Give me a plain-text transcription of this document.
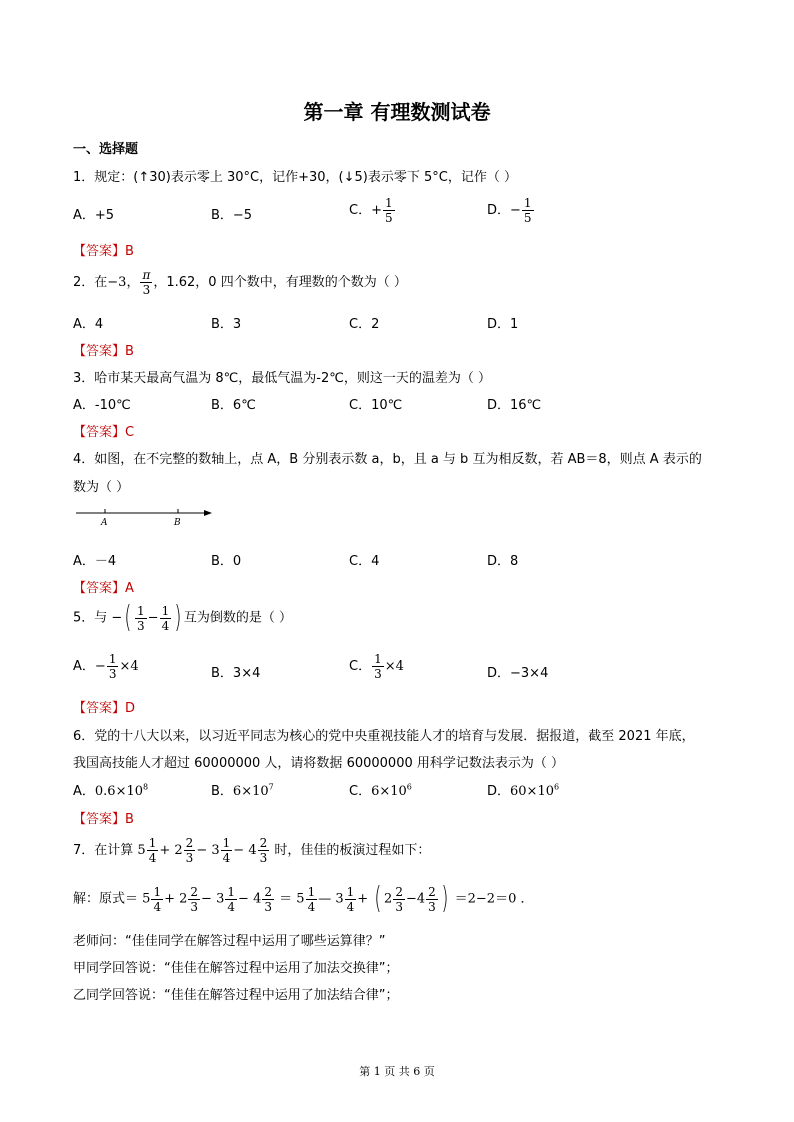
第一章 有理数测试卷
一、选择题
1．规定：(↑30)表示零上 30°C，记作+30，(↓5)表示零下 5°C，记作（ ）
A．+5	B．−5	C．+ $\frac{1}{5}$	D．− $\frac{1}{5}$
【答案】B
2．在−3， $\frac{\pi}{3}$ ，1.62，0 四个数中，有理数的个数为（ ）
A．4	B．3	C．2	D．1
【答案】B
3．哈市某天最高气温为 8℃，最低气温为-2℃，则这一天的温差为（ ）
A．-10℃	B．6℃	C．10℃	D．16℃
【答案】C
4．如图，在不完整的数轴上，点 A，B 分别表示数 a，b，且 a 与 b 互为相反数，若 AB＝8，则点 A 表示的
数为（ ）
A	B
A．－4	B．0	C．4	D．8
【答案】A
5．与 −( $\frac{1}{3} - \frac{1}{4}$ ) 互为倒数的是（ ）
A．− $\frac{1}{3} \times 4$	B．3×4	C． $\frac{1}{3} \times 4$	D．−3×4
【答案】D
6．党的十八大以来，以习近平同志为核心的党中央重视技能人才的培育与发展．据报道，截至 2021 年底，
我国高技能人才超过 60000000 人，请将数据 60000000 用科学记数法表示为（ ）
A．$0.6\times 10^8$	B．$6\times 10^7$	C．$6\times 10^6$	D．$60\times 10^6$
【答案】B
7．在计算 $5 \frac{1}{4} + 2 \frac{2}{3} - 3 \frac{1}{4} - 4 \frac{2}{3}$ 时，佳佳的板演过程如下：
解：原式＝ $5 \frac{1}{4} + 2 \frac{2}{3} - 3 \frac{1}{4} - 4 \frac{2}{3} = 5 \frac{1}{4}$ — $3 \frac{1}{4}$ + ( $2 \frac{2}{3} -4 \frac{2}{3}$ ) ＝2−2＝0 ．
老师问：“佳佳同学在解答过程中运用了哪些运算律？”
甲同学回答说：“佳佳在解答过程中运用了加法交换律”；
乙同学回答说：“佳佳在解答过程中运用了加法结合律”；
第 1 页 共 6 页
